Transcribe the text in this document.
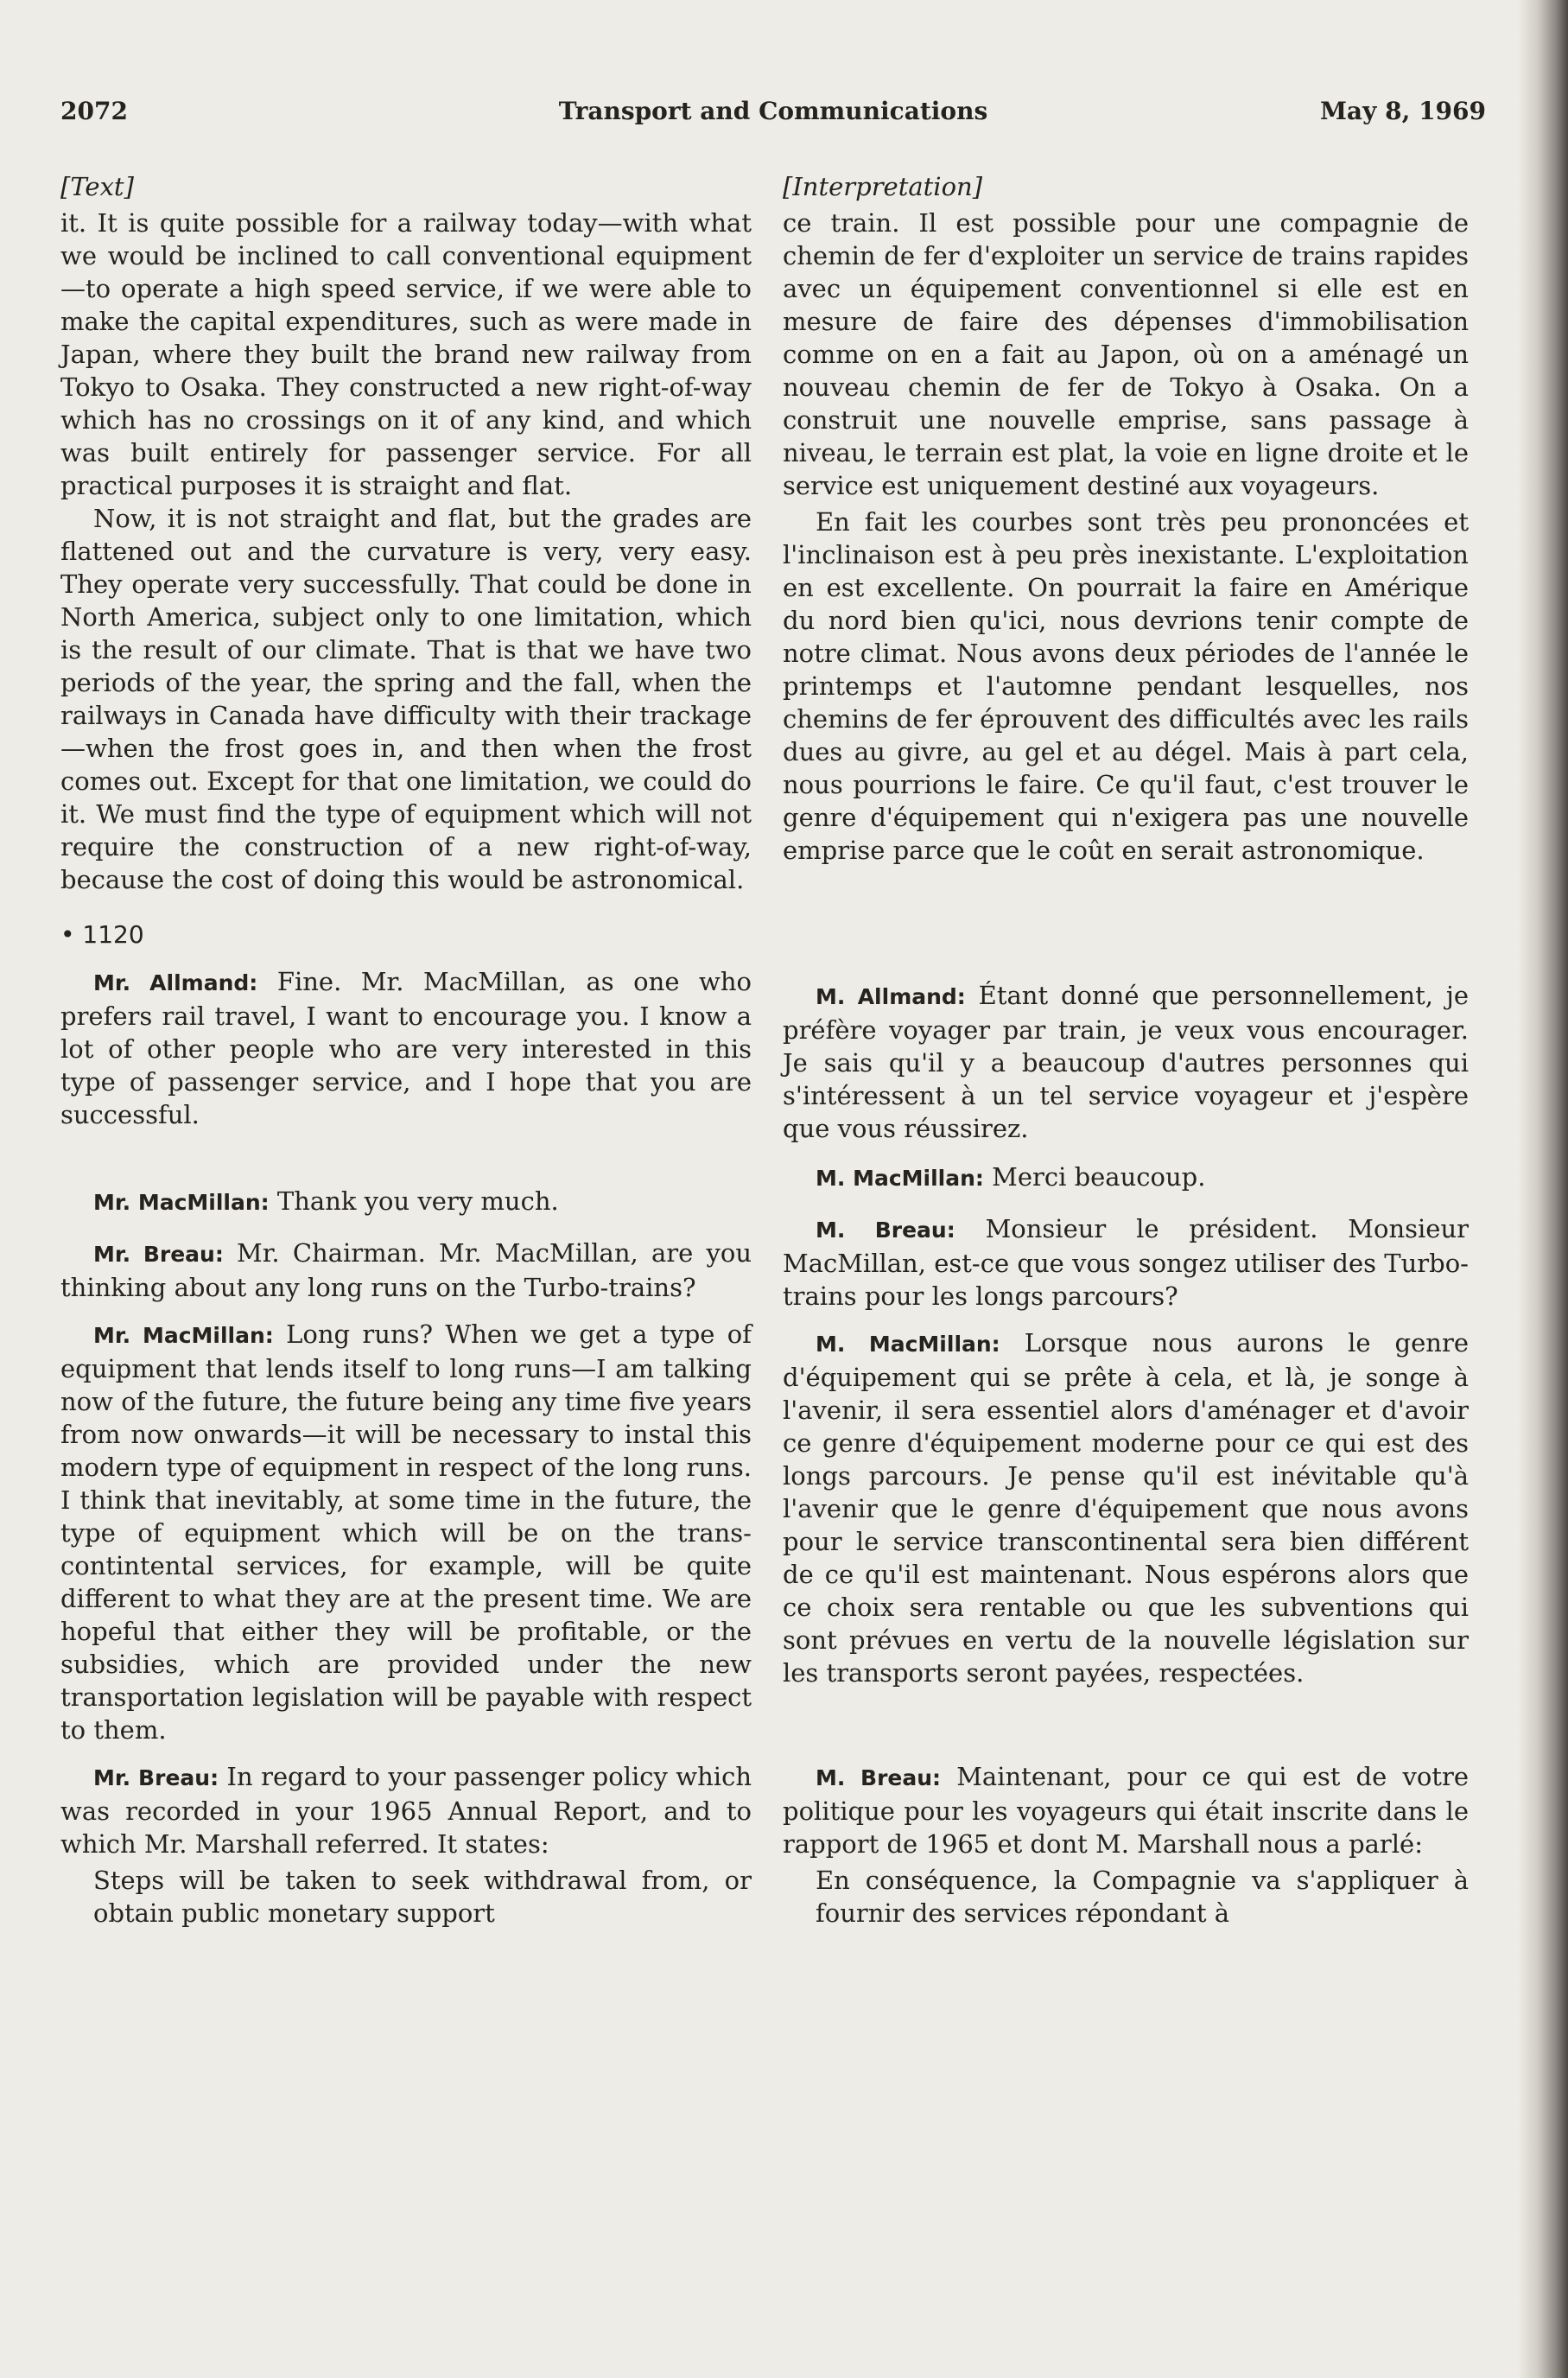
2072	Transport and Communications	May 8, 1969
[Text]

it. It is quite possible for a railway today—with what we would be inclined to call conventional equipment—to operate a high speed service, if we were able to make the capital expenditures, such as were made in Japan, where they built the brand new railway from Tokyo to Osaka. They constructed a new right-of-way which has no crossings on it of any kind, and which was built entirely for passenger service. For all practical purposes it is straight and flat.

Now, it is not straight and flat, but the grades are flattened out and the curvature is very, very easy. They operate very successfully. That could be done in North America, subject only to one limitation, which is the result of our climate. That is that we have two periods of the year, the spring and the fall, when the railways in Canada have difficulty with their trackage—when the frost goes in, and then when the frost comes out. Except for that one limitation, we could do it. We must find the type of equipment which will not require the construction of a new right-of-way, because the cost of doing this would be astronomical.

• 1120

Mr. Allmand: Fine. Mr. MacMillan, as one who prefers rail travel, I want to encourage you. I know a lot of other people who are very interested in this type of passenger service, and I hope that you are successful.

Mr. MacMillan: Thank you very much.

Mr. Breau: Mr. Chairman. Mr. MacMillan, are you thinking about any long runs on the Turbo-trains?

Mr. MacMillan: Long runs? When we get a type of equipment that lends itself to long runs—I am talking now of the future, the future being any time five years from now onwards—it will be necessary to instal this modern type of equipment in respect of the long runs. I think that inevitably, at some time in the future, the type of equipment which will be on the trans-contintental services, for example, will be quite different to what they are at the present time. We are hopeful that either they will be profitable, or the subsidies, which are provided under the new transportation legislation will be payable with respect to them.

Mr. Breau: In regard to your passenger policy which was recorded in your 1965 Annual Report, and to which Mr. Marshall referred. It states:

Steps will be taken to seek withdrawal from, or obtain public monetary support

[Interpretation]

ce train. Il est possible pour une compagnie de chemin de fer d'exploiter un service de trains rapides avec un équipement conventionnel si elle est en mesure de faire des dépenses d'immobilisation comme on en a fait au Japon, où on a aménagé un nouveau chemin de fer de Tokyo à Osaka. On a construit une nouvelle emprise, sans passage à niveau, le terrain est plat, la voie en ligne droite et le service est uniquement destiné aux voyageurs.

En fait les courbes sont très peu prononcées et l'inclinaison est à peu près inexistante. L'exploitation en est excellente. On pourrait la faire en Amérique du nord bien qu'ici, nous devrions tenir compte de notre climat. Nous avons deux périodes de l'année le printemps et l'automne pendant lesquelles, nos chemins de fer éprouvent des difficultés avec les rails dues au givre, au gel et au dégel. Mais à part cela, nous pourrions le faire. Ce qu'il faut, c'est trouver le genre d'équipement qui n'exigera pas une nouvelle emprise parce que le coût en serait astronomique.

M. Allmand: Étant donné que personnellement, je préfère voyager par train, je veux vous encourager. Je sais qu'il y a beaucoup d'autres personnes qui s'intéressent à un tel service voyageur et j'espère que vous réussirez.

M. MacMillan: Merci beaucoup.

M. Breau: Monsieur le président. Monsieur MacMillan, est-ce que vous songez utiliser des Turbo-trains pour les longs parcours?

M. MacMillan: Lorsque nous aurons le genre d'équipement qui se prête à cela, et là, je songe à l'avenir, il sera essentiel alors d'aménager et d'avoir ce genre d'équipement moderne pour ce qui est des longs parcours. Je pense qu'il est inévitable qu'à l'avenir que le genre d'équipement que nous avons pour le service transcontinental sera bien différent de ce qu'il est maintenant. Nous espérons alors que ce choix sera rentable ou que les subventions qui sont prévues en vertu de la nouvelle législation sur les transports seront payées, respectées.

M. Breau: Maintenant, pour ce qui est de votre politique pour les voyageurs qui était inscrite dans le rapport de 1965 et dont M. Marshall nous a parlé:

En conséquence, la Compagnie va s'appliquer à fournir des services répondant à
